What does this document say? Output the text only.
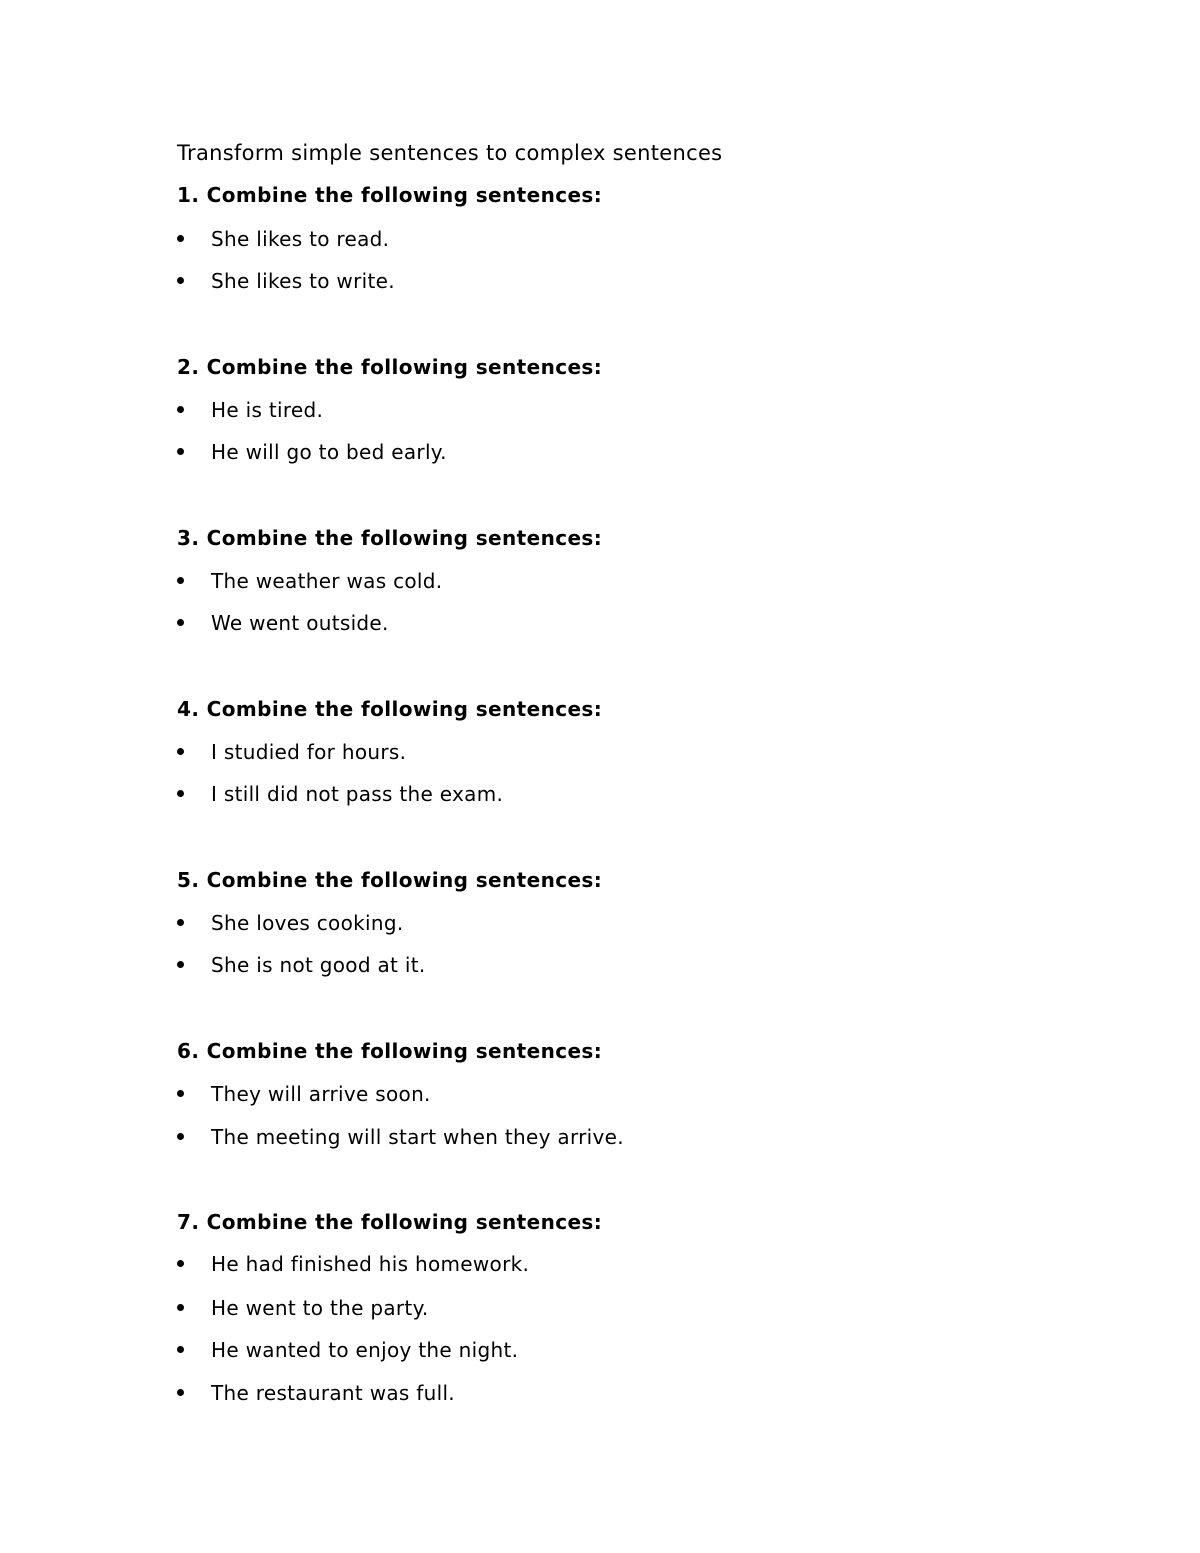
Transform simple sentences to complex sentences
1. Combine the following sentences:
She likes to read.
She likes to write.
2. Combine the following sentences:
He is tired.
He will go to bed early.
3. Combine the following sentences:
The weather was cold.
We went outside.
4. Combine the following sentences:
I studied for hours.
I still did not pass the exam.
5. Combine the following sentences:
She loves cooking.
She is not good at it.
6. Combine the following sentences:
They will arrive soon.
The meeting will start when they arrive.
7. Combine the following sentences:
He had finished his homework.
He went to the party.
He wanted to enjoy the night.
The restaurant was full.
